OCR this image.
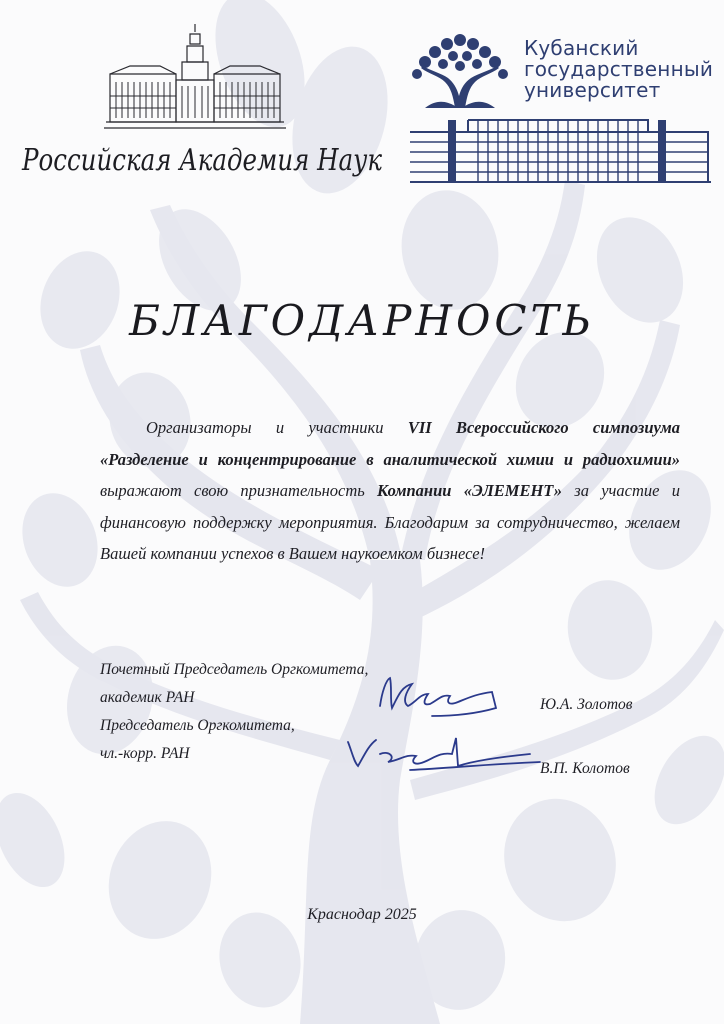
Российская Академия Наук
Кубанский
государственный
университет
БЛАГОДАРНОСТЬ
Организаторы и участники VII Всероссийского симпозиума
«Разделение и концентрирование в аналитической химии и радиохимии»
выражают свою признательность Компании «ЭЛЕМЕНТ» за участие и
финансовую поддержку мероприятия. Благодарим за сотрудничество, желаем
Вашей компании успехов в Вашем наукоемком бизнесе!
Почетный Председатель Оргкомитета,
академик РАН
Председатель Оргкомитета,
чл.-корр. РАН
Ю.А. Золотов
В.П. Колотов
Краснодар 2025
